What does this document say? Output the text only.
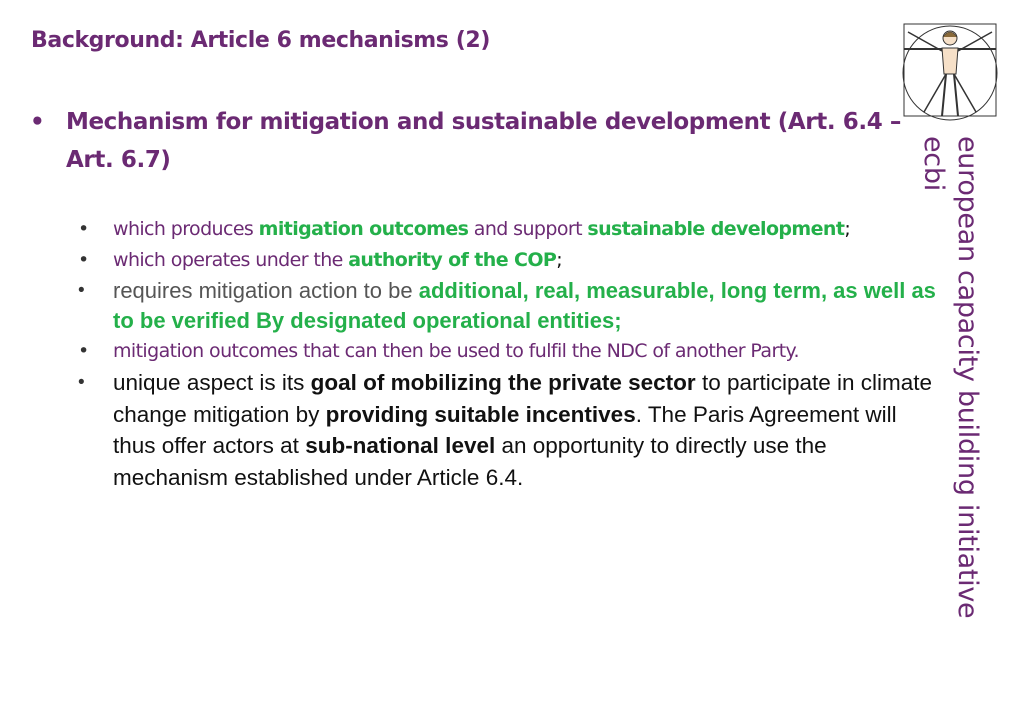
Background: Article 6 mechanisms (2)
• Mechanism for mitigation and sustainable development (Art. 6.4 – Art. 6.7)
• which produces mitigation outcomes and support sustainable development;
• which operates under the authority of the COP;
• requires mitigation action to be additional, real, measurable, long term, as well as to be verified By designated operational entities;
• mitigation outcomes that can then be used to fulfil the NDC of another Party.
• unique aspect is its goal of mobilizing the private sector to participate in climate change mitigation by providing suitable incentives. The Paris Agreement will thus offer actors at sub-national level an opportunity to directly use the mechanism established under Article 6.4.	european capacity building initiative
ecbi
